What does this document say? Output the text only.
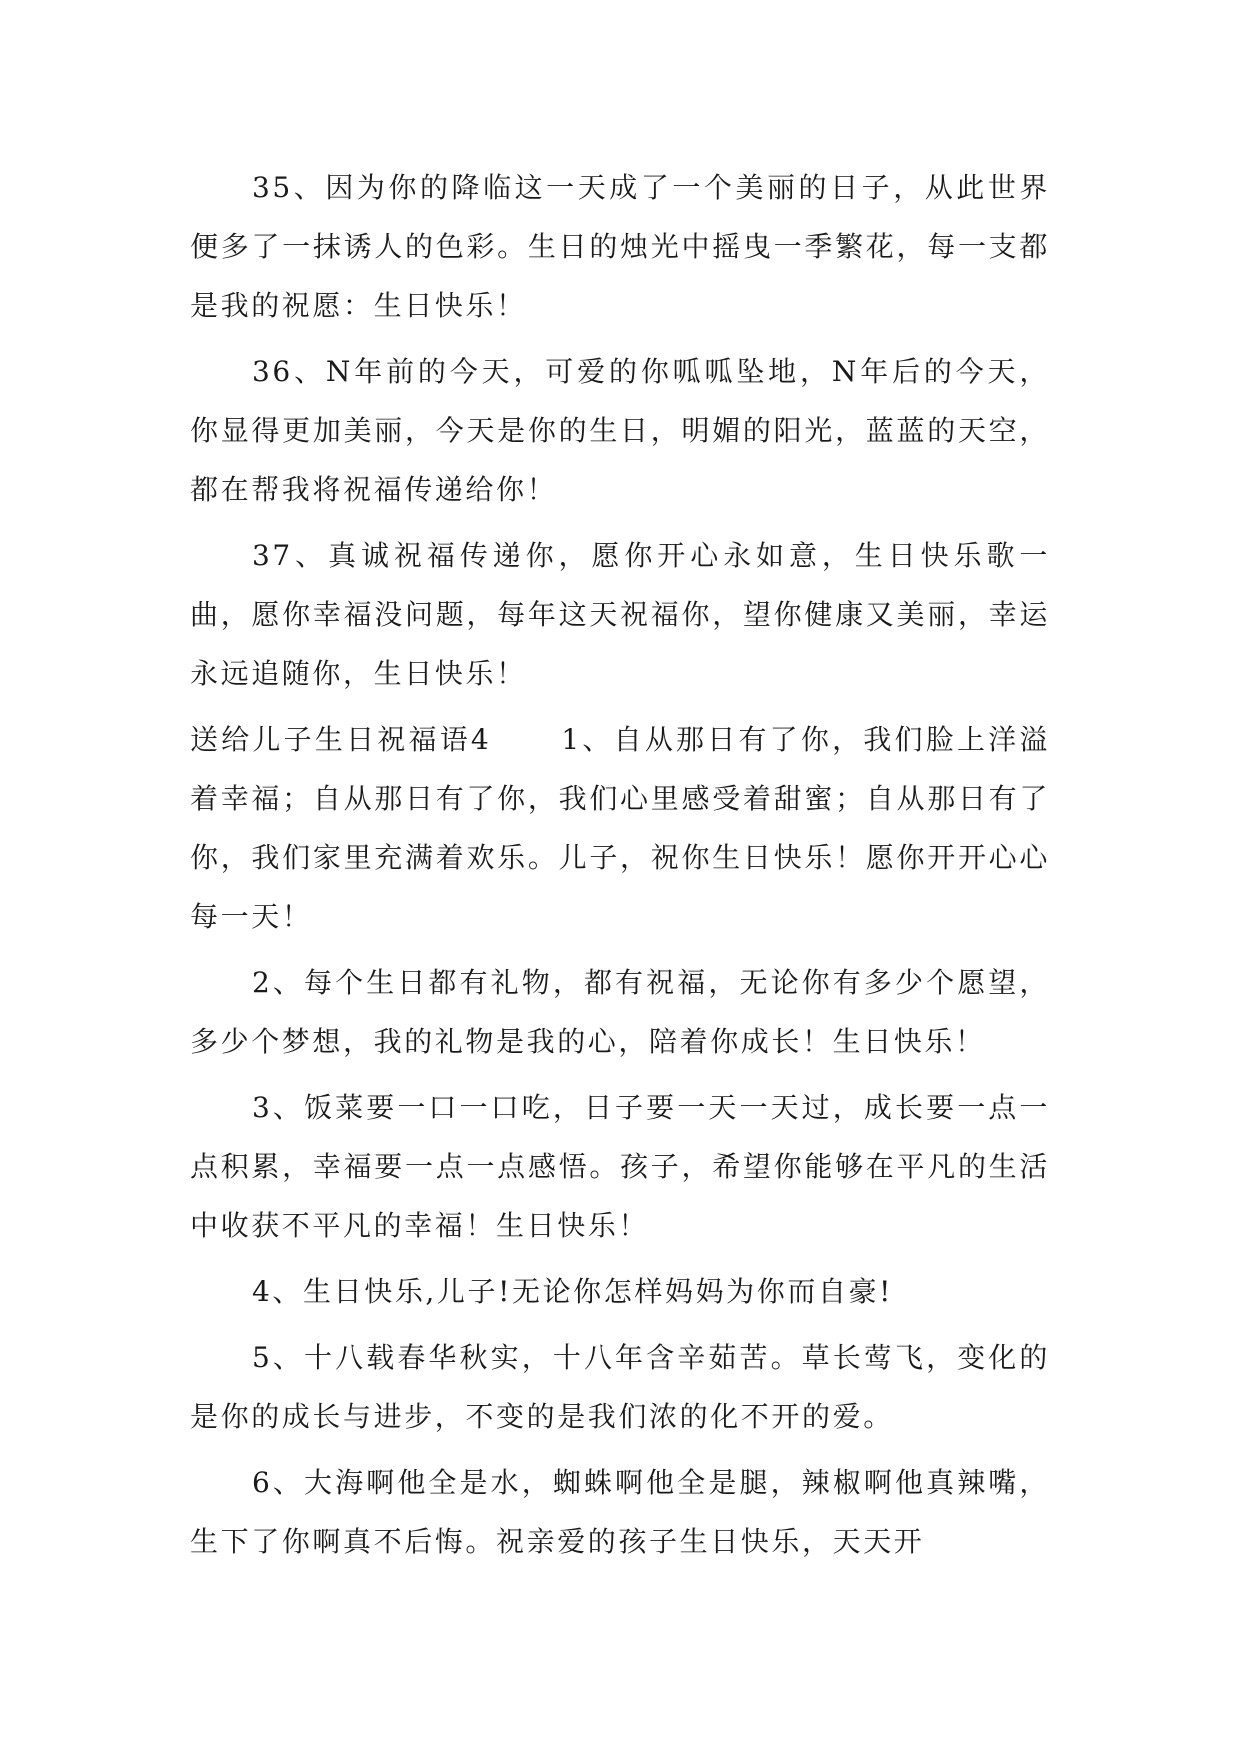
35、因为你的降临这一天成了一个美丽的日子，从此世界便多了一抹诱人的色彩。生日的烛光中摇曳一季繁花，每一支都是我的祝愿：生日快乐！

36、N年前的今天，可爱的你呱呱坠地，N年后的今天，你显得更加美丽，今天是你的生日，明媚的阳光，蓝蓝的天空，都在帮我将祝福传递给你！

37、真诚祝福传递你，愿你开心永如意，生日快乐歌一曲，愿你幸福没问题，每年这天祝福你，望你健康又美丽，幸运永远追随你，生日快乐！

送给儿子生日祝福语4	1、自从那日有了你，我们脸上洋溢着幸福；自从那日有了你，我们心里感受着甜蜜；自从那日有了你，我们家里充满着欢乐。儿子，祝你生日快乐！愿你开开心心每一天！

2、每个生日都有礼物，都有祝福，无论你有多少个愿望，多少个梦想，我的礼物是我的心，陪着你成长！生日快乐！

3、饭菜要一口一口吃，日子要一天一天过，成长要一点一点积累，幸福要一点一点感悟。孩子，希望你能够在平凡的生活中收获不平凡的幸福！生日快乐！

4、生日快乐,儿子!无论你怎样妈妈为你而自豪!

5、十八载春华秋实，十八年含辛茹苦。草长莺飞，变化的是你的成长与进步，不变的是我们浓的化不开的爱。

6、大海啊他全是水，蜘蛛啊他全是腿，辣椒啊他真辣嘴，生下了你啊真不后悔。祝亲爱的孩子生日快乐，天天开
